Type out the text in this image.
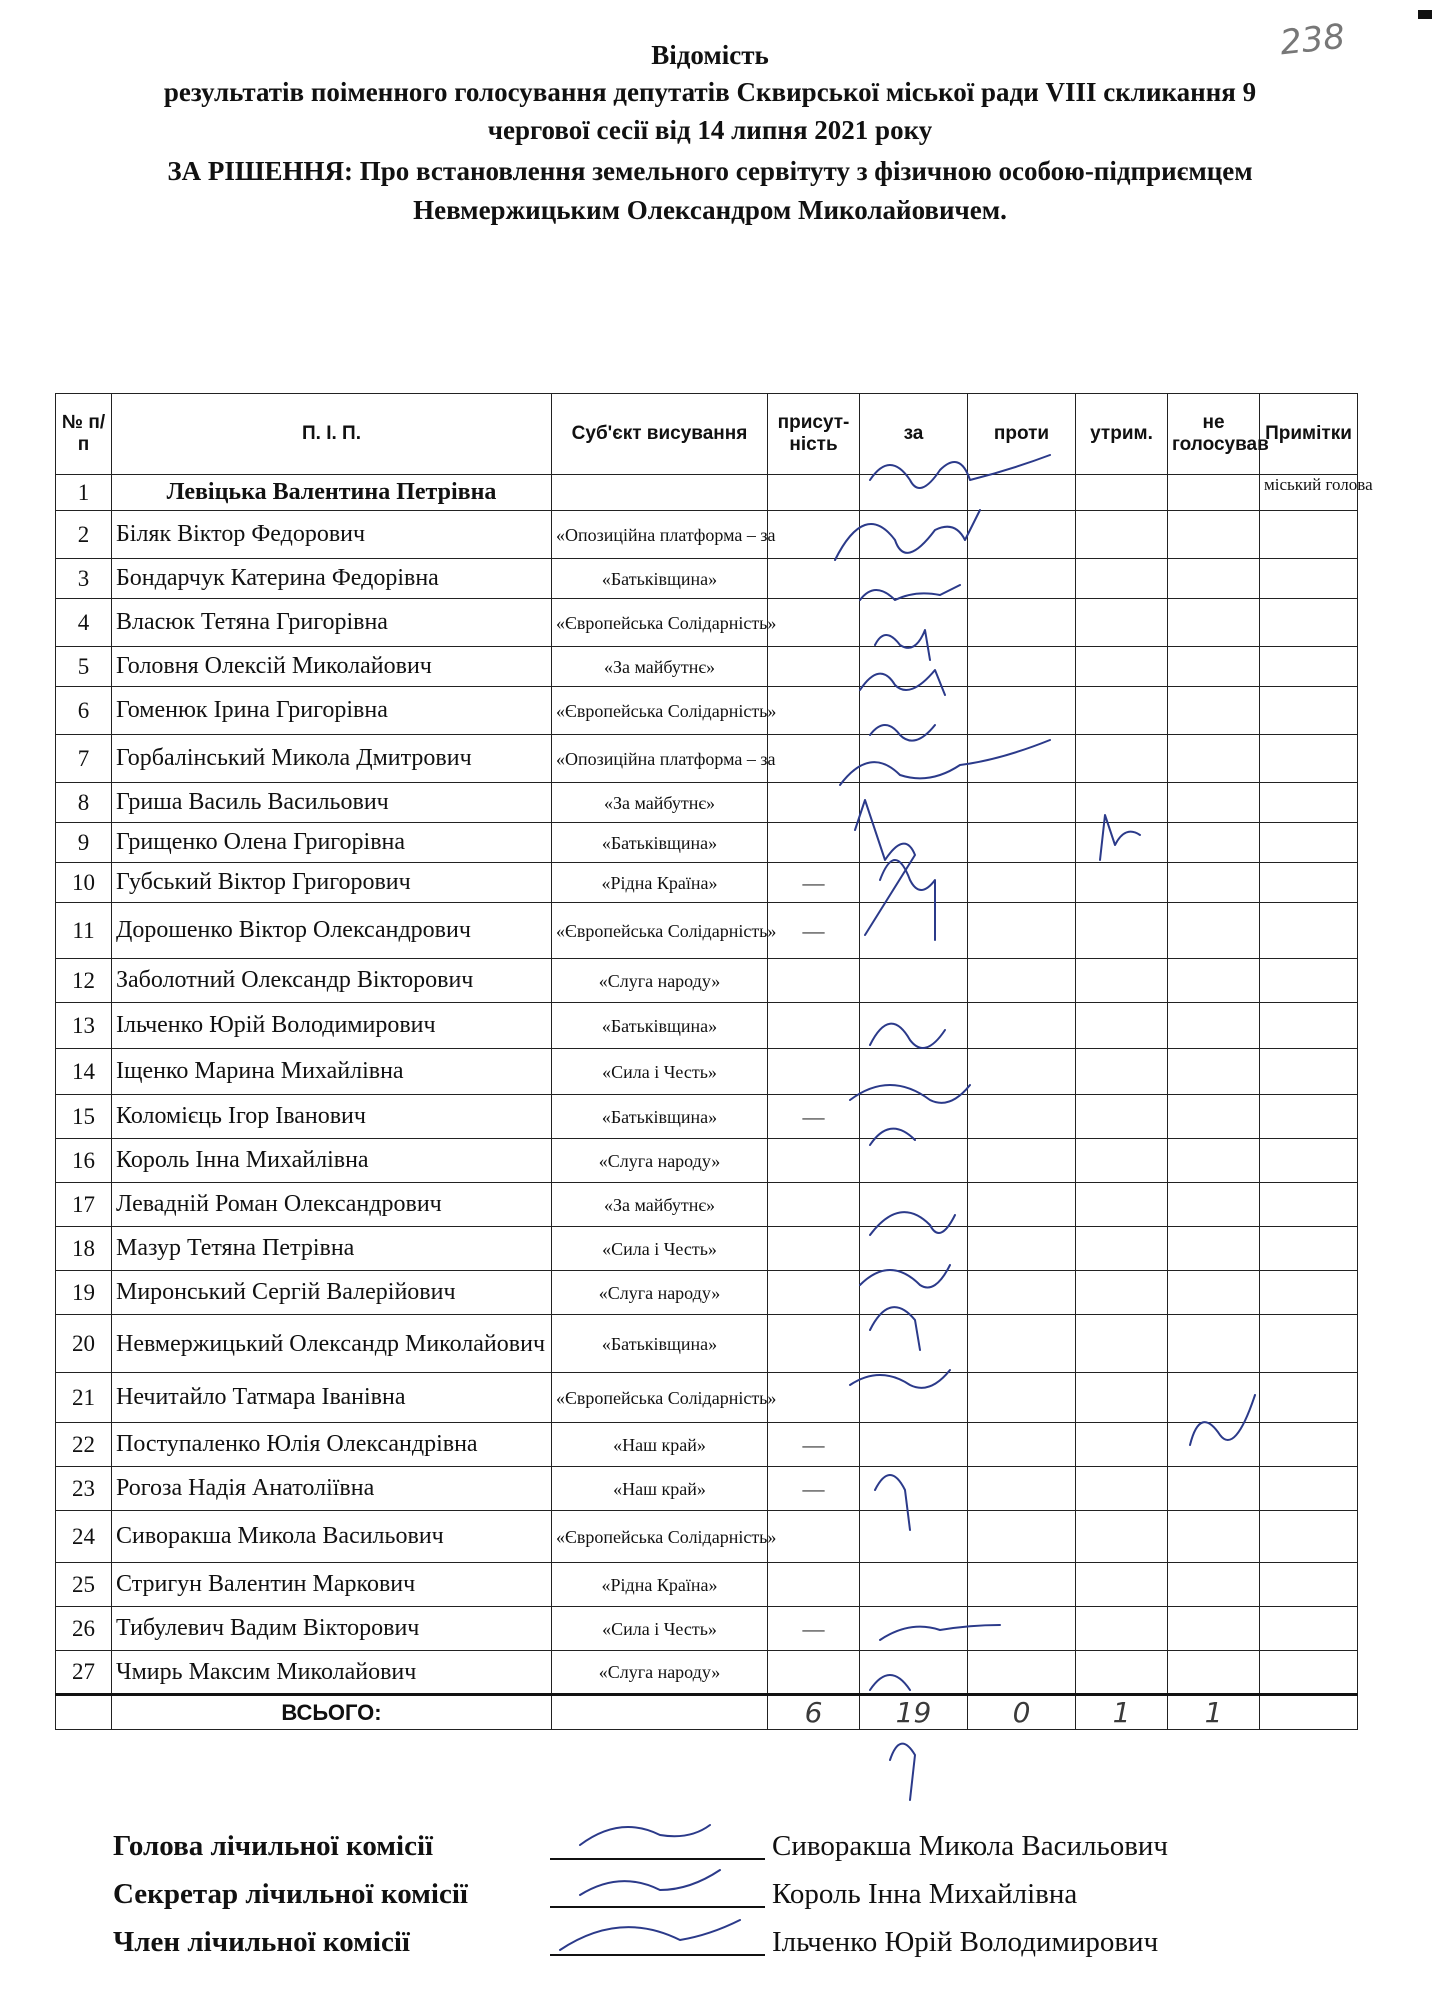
238
Відомість
результатів поіменного голосування депутатів Сквирської міської ради VIII скликання 9
чергової сесії від 14 липня 2021 року
ЗА РІШЕННЯ: Про встановлення земельного сервітуту з фізичною особою-підприємцем
Невмержицьким Олександром Миколайовичем.
№ п/п	П. І. П.	Суб'єкт висування	присут-ність	за	проти	утрим.	не голосував	Примітки
1	Левіцька Валентина Петрівна							міський голова
2	Біляк Віктор Федорович	«Опозиційна платформа – за						
3	Бондарчук Катерина Федорівна	«Батьківщина»						
4	Власюк Тетяна Григорівна	«Європейська Солідарність»						
5	Головня Олексій Миколайович	«За майбутнє»						
6	Гоменюк Ірина Григорівна	«Європейська Солідарність»						
7	Горбалінський Микола Дмитрович	«Опозиційна платформа – за						
8	Гриша Василь Васильович	«За майбутнє»						
9	Грищенко Олена Григорівна	«Батьківщина»						
10	Губський Віктор Григорович	«Рідна Країна»	—					
11	Дорошенко Віктор Олександрович	«Європейська Солідарність»	—					
12	Заболотний Олександр Вікторович	«Слуга народу»						
13	Ільченко Юрій Володимирович	«Батьківщина»						
14	Іщенко Марина Михайлівна	«Сила і Честь»						
15	Коломієць Ігор Іванович	«Батьківщина»	—					
16	Король Інна Михайлівна	«Слуга народу»						
17	Левадній Роман Олександрович	«За майбутнє»						
18	Мазур Тетяна Петрівна	«Сила і Честь»						
19	Миронський Сергій Валерійович	«Слуга народу»						
20	Невмержицький Олександр Миколайович	«Батьківщина»						
21	Нечитайло Татмара Іванівна	«Європейська Солідарність»						
22	Поступаленко Юлія Олександрівна	«Наш край»	—					
23	Рогоза Надія Анатоліївна	«Наш край»	—					
24	Сиворакша Микола Васильович	«Європейська Солідарність»						
25	Стригун Валентин Маркович	«Рідна Країна»						
26	Тибулевич Вадим Вікторович	«Сила і Честь»	—					
27	Чмирь Максим Миколайович	«Слуга народу»						
	ВСЬОГО:		6	19	0	1	1	
Голова лічильної комісії	Сиворакша Микола Васильович
Секретар лічильної комісії	Король Інна Михайлівна
Член лічильної комісії	Ільченко Юрій Володимирович
